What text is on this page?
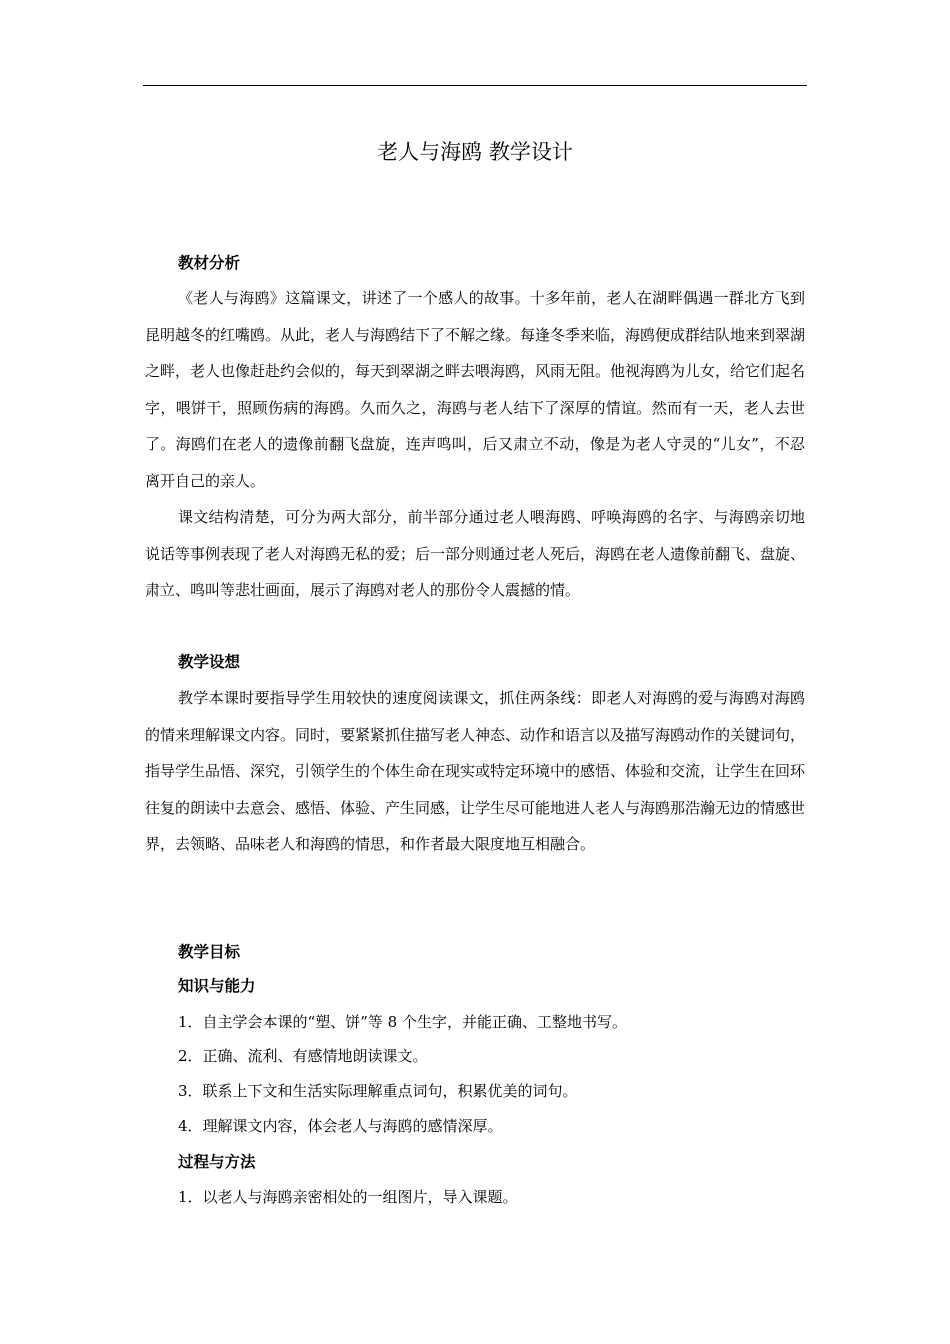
老人与海鸥 教学设计
教材分析
《老人与海鸥》这篇课文，讲述了一个感人的故事。十多年前，老人在湖畔偶遇一群北方飞到昆明越冬的红嘴鸥。从此，老人与海鸥结下了不解之缘。每逢冬季来临，海鸥便成群结队地来到翠湖之畔，老人也像赶赴约会似的，每天到翠湖之畔去喂海鸥，风雨无阻。他视海鸥为儿女，给它们起名字，喂饼干，照顾伤病的海鸥。久而久之，海鸥与老人结下了深厚的情谊。然而有一天，老人去世了。海鸥们在老人的遗像前翻飞盘旋，连声鸣叫，后又肃立不动，像是为老人守灵的“儿女”，不忍离开自己的亲人。
课文结构清楚，可分为两大部分，前半部分通过老人喂海鸥、呼唤海鸥的名字、与海鸥亲切地说话等事例表现了老人对海鸥无私的爱；后一部分则通过老人死后，海鸥在老人遗像前翻飞、盘旋、肃立、鸣叫等悲壮画面，展示了海鸥对老人的那份令人震撼的情。
教学设想
教学本课时要指导学生用较快的速度阅读课文，抓住两条线：即老人对海鸥的爱与海鸥对海鸥的情来理解课文内容。同时，要紧紧抓住描写老人神态、动作和语言以及描写海鸥动作的关键词句，指导学生品悟、深究，引领学生的个体生命在现实或特定环境中的感悟、体验和交流，让学生在回环往复的朗读中去意会、感悟、体验、产生同感，让学生尽可能地进人老人与海鸥那浩瀚无边的情感世界，去领略、品味老人和海鸥的情思，和作者最大限度地互相融合。
教学目标
知识与能力
1．自主学会本课的“塑、饼”等 8 个生字，并能正确、工整地书写。
2．正确、流利、有感情地朗读课文。
3．联系上下文和生活实际理解重点词句，积累优美的词句。
4．理解课文内容，体会老人与海鸥的感情深厚。
过程与方法
1．以老人与海鸥亲密相处的一组图片，导入课题。
